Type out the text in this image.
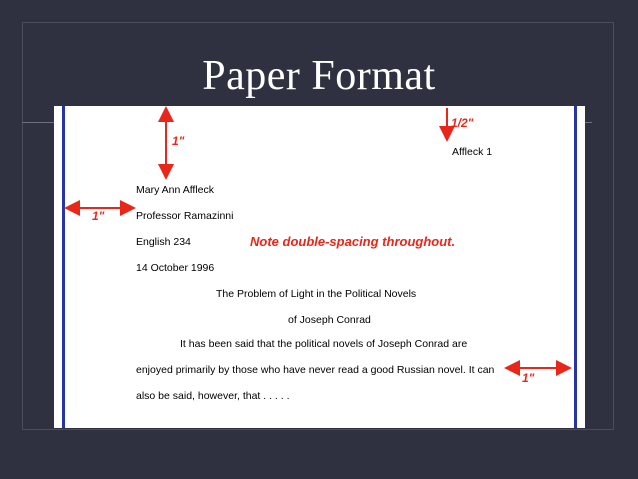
Paper Format
1"
1"
1/2"
1"
Affleck 1
Mary Ann Affleck
Professor Ramazinni
English 234
14 October 1996
Note double-spacing throughout.
The Problem of Light in the Political Novels
of Joseph Conrad
It has been said that the political novels of Joseph Conrad are
enjoyed primarily by those who have never read a good Russian novel. It can
also be said, however, that . . . . .
